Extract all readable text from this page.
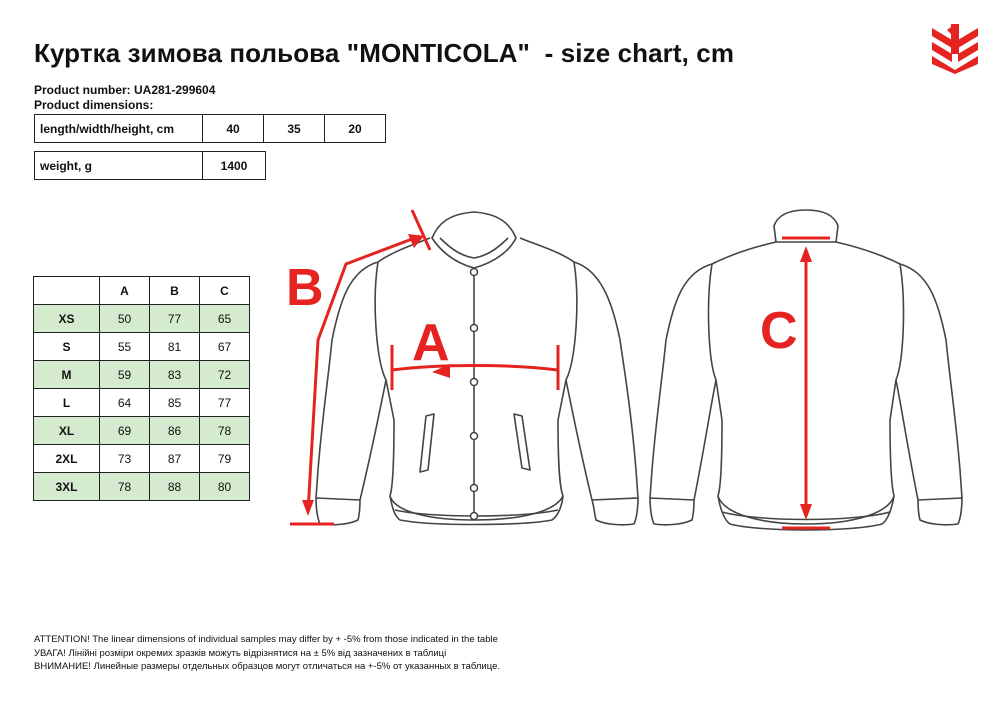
Куртка зимова польова "MONTICOLA"  - size chart, cm
Product number: UA281-299604
Product dimensions:
length/width/height, cm	40	35	20
weight, g	1400
	A	B	C
XS	50	77	65
S	55	81	67
M	59	83	72
L	64	85	77
XL	69	86	78
2XL	73	87	79
3XL	78	88	80
A
B
C
ATTENTION! The linear dimensions of individual samples may differ by + -5% from those indicated in the table
УВАГА! Лінійні розміри окремих зразків можуть відрізнятися на ± 5% від зазначених в таблиці
ВНИМАНИЕ! Линейные размеры отдельных образцов могут отличаться на +-5% от указанных в таблице.
